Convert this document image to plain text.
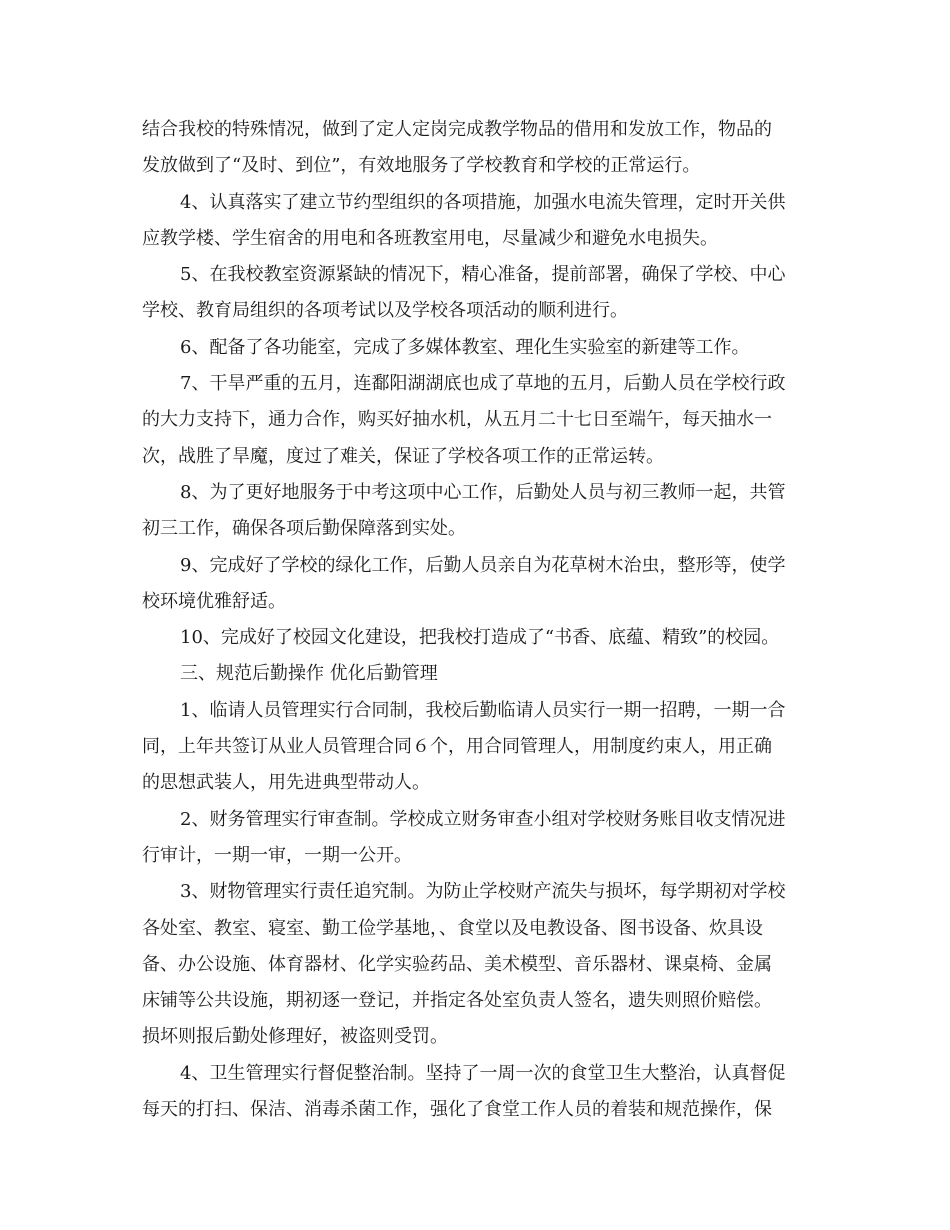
结合我校的特殊情况，做到了定人定岗完成教学物品的借用和发放工作，物品的
发放做到了“及时、到位”，有效地服务了学校教育和学校的正常运行。
4、认真落实了建立节约型组织的各项措施，加强水电流失管理，定时开关供
应教学楼、学生宿舍的用电和各班教室用电，尽量减少和避免水电损失。
5、在我校教室资源紧缺的情况下，精心准备，提前部署，确保了学校、中心
学校、教育局组织的各项考试以及学校各项活动的顺利进行。
6、配备了各功能室，完成了多媒体教室、理化生实验室的新建等工作。
7、干旱严重的五月，连鄱阳湖湖底也成了草地的五月，后勤人员在学校行政
的大力支持下，通力合作，购买好抽水机，从五月二十七日至端午，每天抽水一
次，战胜了旱魔，度过了难关，保证了学校各项工作的正常运转。
8、为了更好地服务于中考这项中心工作，后勤处人员与初三教师一起，共管
初三工作，确保各项后勤保障落到实处。
9、完成好了学校的绿化工作，后勤人员亲自为花草树木治虫，整形等，使学
校环境优雅舒适。
10、完成好了校园文化建设，把我校打造成了“书香、底蕴、精致”的校园。
三、规范后勤操作 优化后勤管理
1、临请人员管理实行合同制，我校后勤临请人员实行一期一招聘，一期一合
同，上年共签订从业人员管理合同６个，用合同管理人，用制度约束人，用正确
的思想武装人，用先进典型带动人。
2、财务管理实行审查制。学校成立财务审查小组对学校财务账目收支情况进
行审计，一期一审，一期一公开。
3、财物管理实行责任追究制。为防止学校财产流失与损坏，每学期初对学校
各处室、教室、寝室、勤工俭学基地，、食堂以及电教设备、图书设备、炊具设
备、办公设施、体育器材、化学实验药品、美术模型、音乐器材、课桌椅、金属
床铺等公共设施，期初逐一登记，并指定各处室负责人签名，遗失则照价赔偿。
损坏则报后勤处修理好，被盗则受罚。
4、卫生管理实行督促整治制。坚持了一周一次的食堂卫生大整治，认真督促
每天的打扫、保洁、消毒杀菌工作，强化了食堂工作人员的着装和规范操作，保
